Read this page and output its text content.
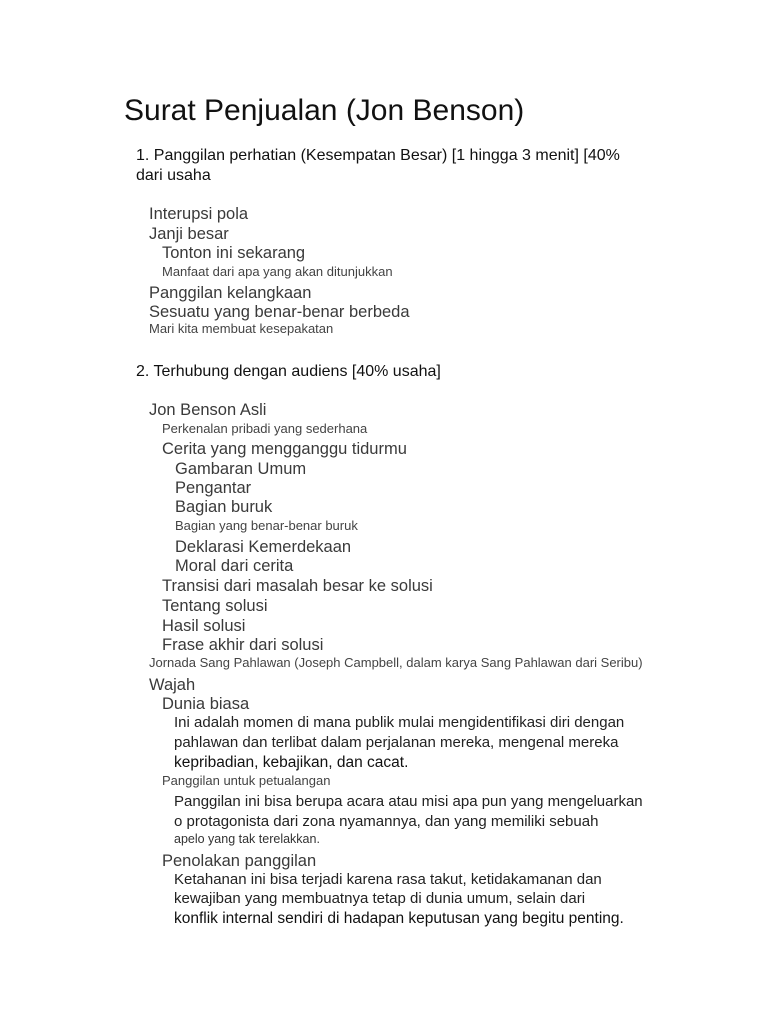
Surat Penjualan (Jon Benson)
1. Panggilan perhatian (Kesempatan Besar) [1 hingga 3 menit] [40%
dari usaha
Interupsi pola
Janji besar
Tonton ini sekarang
Manfaat dari apa yang akan ditunjukkan
Panggilan kelangkaan
Sesuatu yang benar-benar berbeda
Mari kita membuat kesepakatan
2. Terhubung dengan audiens [40% usaha]
Jon Benson Asli
Perkenalan pribadi yang sederhana
Cerita yang mengganggu tidurmu
Gambaran Umum
Pengantar
Bagian buruk
Bagian yang benar-benar buruk
Deklarasi Kemerdekaan
Moral dari cerita
Transisi dari masalah besar ke solusi
Tentang solusi
Hasil solusi
Frase akhir dari solusi
Jornada Sang Pahlawan (Joseph Campbell, dalam karya Sang Pahlawan dari Seribu)
Wajah
Dunia biasa
Ini adalah momen di mana publik mulai mengidentifikasi diri dengan
pahlawan dan terlibat dalam perjalanan mereka, mengenal mereka
kepribadian, kebajikan, dan cacat.
Panggilan untuk petualangan
Panggilan ini bisa berupa acara atau misi apa pun yang mengeluarkan
o protagonista dari zona nyamannya, dan yang memiliki sebuah
apelo yang tak terelakkan.
Penolakan panggilan
Ketahanan ini bisa terjadi karena rasa takut, ketidakamanan dan
kewajiban yang membuatnya tetap di dunia umum, selain dari
konflik internal sendiri di hadapan keputusan yang begitu penting.
